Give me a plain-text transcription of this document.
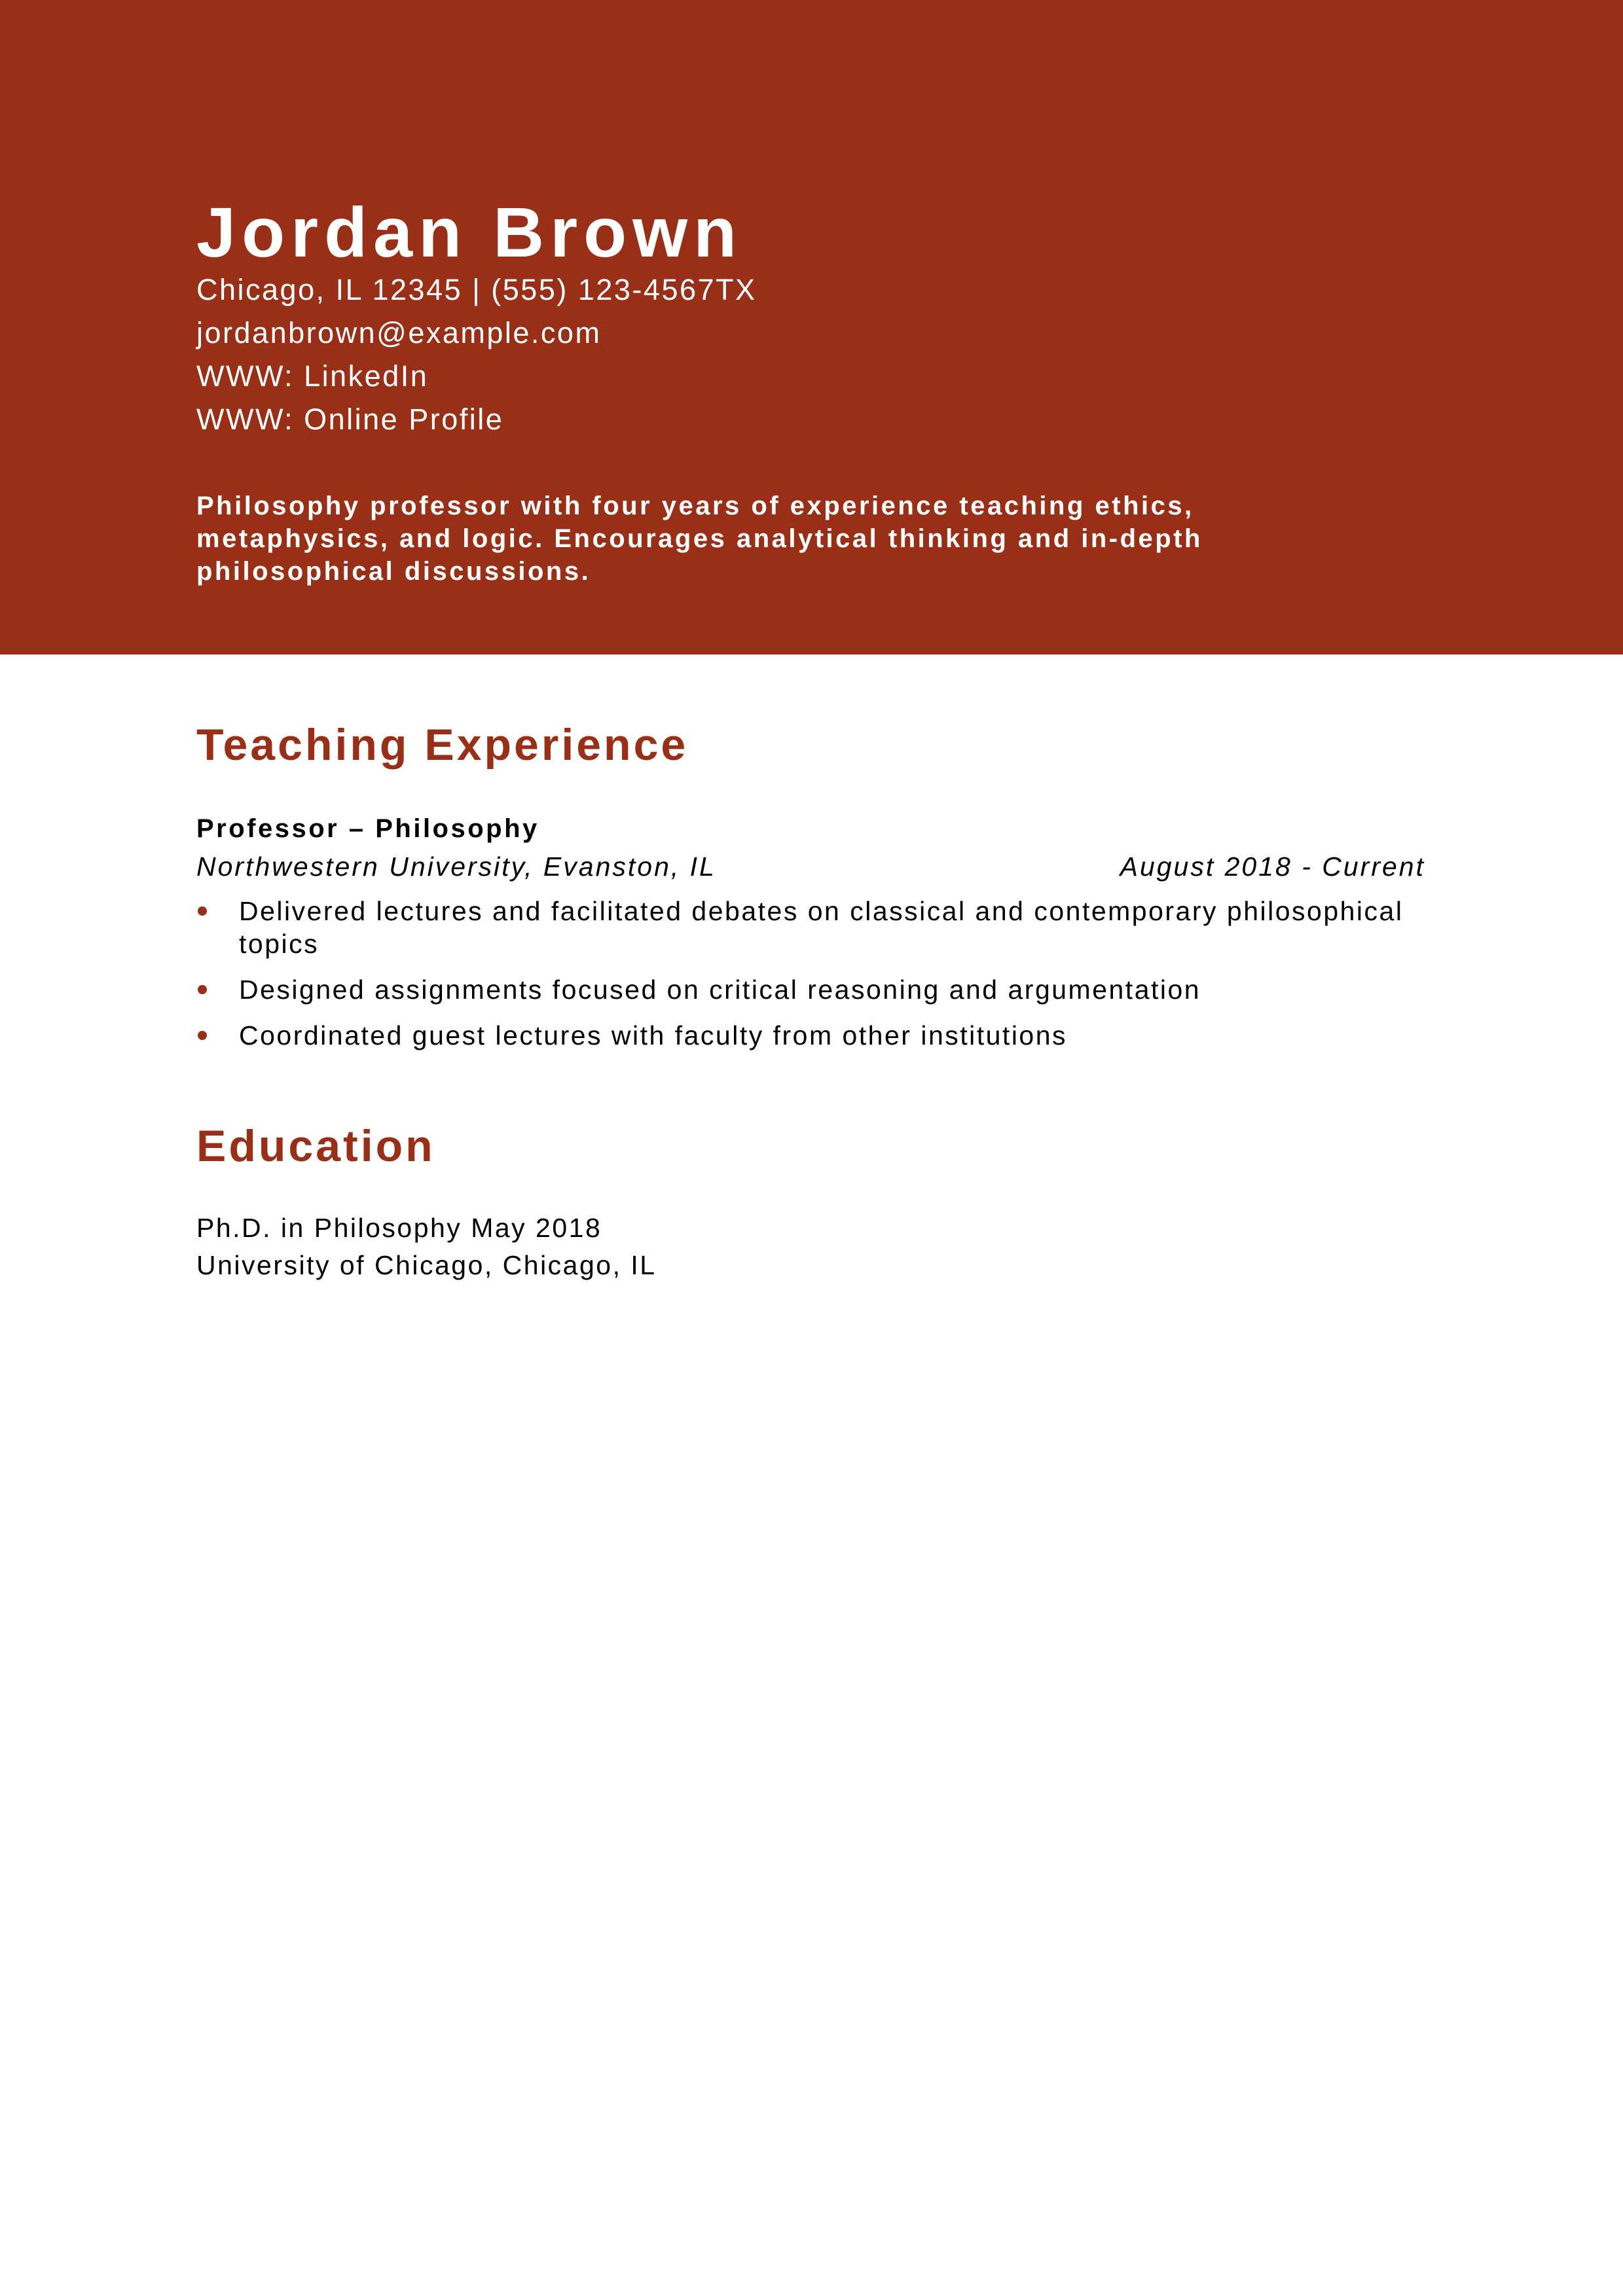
Jordan Brown

Chicago, IL 12345 | (555) 123-4567TX

jordanbrown@example.com

WWW: LinkedIn

WWW: Online Profile

Philosophy professor with four years of experience teaching ethics, metaphysics, and logic. Encourages analytical thinking and in-depth philosophical discussions.

Teaching Experience

Professor – Philosophy

Northwestern University, Evanston, IL	August 2018 - Current

Delivered lectures and facilitated debates on classical and contemporary philosophical topics
Designed assignments focused on critical reasoning and argumentation
Coordinated guest lectures with faculty from other institutions
Education

Ph.D. in Philosophy May 2018

University of Chicago, Chicago, IL
